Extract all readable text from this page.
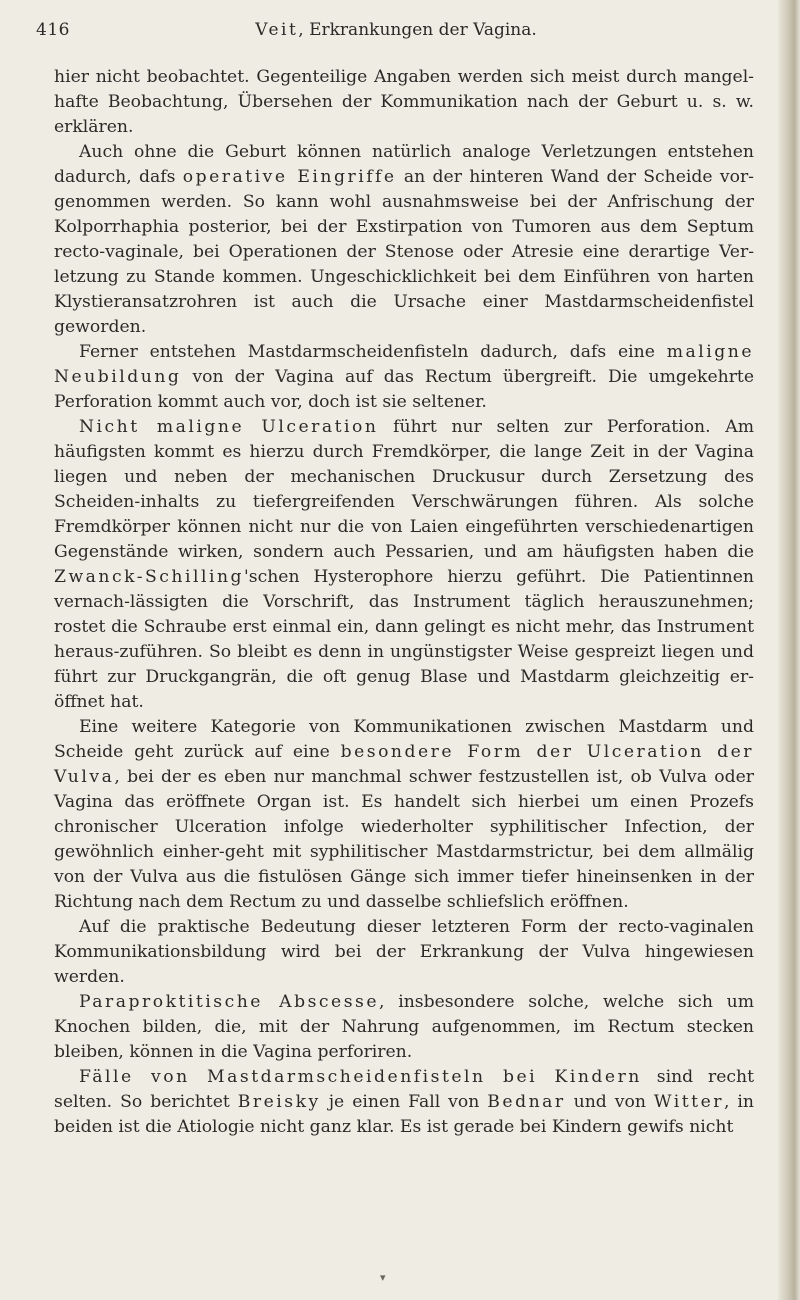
416	Veit, Erkrankungen der Vagina.

hier nicht beobachtet. Gegenteilige Angaben werden sich meist durch mangel-hafte Beobachtung, Übersehen der Kommunikation nach der Geburt u. s. w. erklären.

Auch ohne die Geburt können natürlich analoge Verletzungen entstehen dadurch, dafs operative Eingriffe an der hinteren Wand der Scheide vor-genommen werden. So kann wohl ausnahmsweise bei der Anfrischung der Kolporrhaphia posterior, bei der Exstirpation von Tumoren aus dem Septum recto-vaginale, bei Operationen der Stenose oder Atresie eine derartige Ver-letzung zu Stande kommen. Ungeschicklichkeit bei dem Einführen von harten Klystieransatzrohren ist auch die Ursache einer Mastdarmscheidenfistel geworden.

Ferner entstehen Mastdarmscheidenfisteln dadurch, dafs eine maligne Neubildung von der Vagina auf das Rectum übergreift. Die umgekehrte Perforation kommt auch vor, doch ist sie seltener.

Nicht maligne Ulceration führt nur selten zur Perforation. Am häufigsten kommt es hierzu durch Fremdkörper, die lange Zeit in der Vagina liegen und neben der mechanischen Druckusur durch Zersetzung des Scheiden-inhalts zu tiefergreifenden Verschwärungen führen. Als solche Fremdkörper können nicht nur die von Laien eingeführten verschiedenartigen Gegenstände wirken, sondern auch Pessarien, und am häufigsten haben die Zwanck-Schilling'schen Hysterophore hierzu geführt. Die Patientinnen vernach-lässigten die Vorschrift, das Instrument täglich herauszunehmen; rostet die Schraube erst einmal ein, dann gelingt es nicht mehr, das Instrument heraus-zuführen. So bleibt es denn in ungünstigster Weise gespreizt liegen und führt zur Druckgangrän, die oft genug Blase und Mastdarm gleichzeitig er-öffnet hat.

Eine weitere Kategorie von Kommunikationen zwischen Mastdarm und Scheide geht zurück auf eine besondere Form der Ulceration der Vulva, bei der es eben nur manchmal schwer festzustellen ist, ob Vulva oder Vagina das eröffnete Organ ist. Es handelt sich hierbei um einen Prozefs chronischer Ulceration infolge wiederholter syphilitischer Infection, der gewöhnlich einher-geht mit syphilitischer Mastdarmstrictur, bei dem allmälig von der Vulva aus die fistulösen Gänge sich immer tiefer hineinsenken in der Richtung nach dem Rectum zu und dasselbe schliefslich eröffnen.

Auf die praktische Bedeutung dieser letzteren Form der recto-vaginalen Kommunikationsbildung wird bei der Erkrankung der Vulva hingewiesen werden.

Paraproktitische Abscesse, insbesondere solche, welche sich um Knochen bilden, die, mit der Nahrung aufgenommen, im Rectum stecken bleiben, können in die Vagina perforiren.

Fälle von Mastdarmscheidenfisteln bei Kindern sind recht selten. So berichtet Breisky je einen Fall von Bednar und von Witter, in beiden ist die Atiologie nicht ganz klar. Es ist gerade bei Kindern gewifs nicht

▾
